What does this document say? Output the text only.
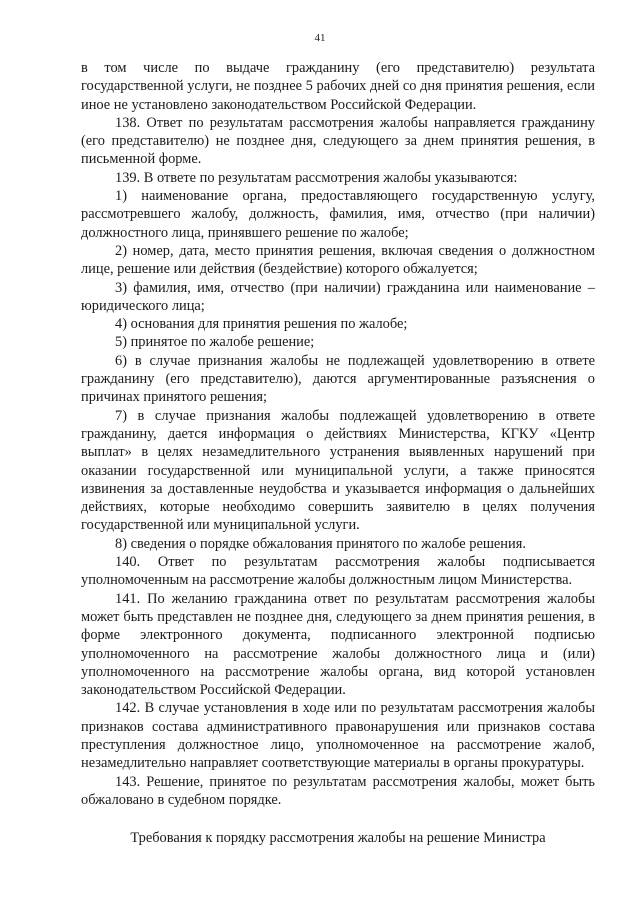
41

в том числе по выдаче гражданину (его представителю) результата государственной услуги, не позднее 5 рабочих дней со дня принятия решения, если иное не установлено законодательством Российской Федерации.

138. Ответ по результатам рассмотрения жалобы направляется гражданину (его представителю) не позднее дня, следующего за днем принятия решения, в письменной форме.

139. В ответе по результатам рассмотрения жалобы указываются:

1) наименование органа, предоставляющего государственную услугу, рассмотревшего жалобу, должность, фамилия, имя, отчество (при наличии) должностного лица, принявшего решение по жалобе;

2) номер, дата, место принятия решения, включая сведения о должностном лице, решение или действия (бездействие) которого обжалуется;

3) фамилия, имя, отчество (при наличии) гражданина или наименование – юридического лица;

4) основания для принятия решения по жалобе;

5) принятое по жалобе решение;

6) в случае признания жалобы не подлежащей удовлетворению в ответе гражданину (его представителю), даются аргументированные разъяснения о причинах принятого решения;

7) в случае признания жалобы подлежащей удовлетворению в ответе гражданину, дается информация о действиях Министерства, КГКУ «Центр выплат» в целях незамедлительного устранения выявленных нарушений при оказании государственной или муниципальной услуги, а также приносятся извинения за доставленные неудобства и указывается информация о дальнейших действиях, которые необходимо совершить заявителю в целях получения государственной или муниципальной услуги.

8) сведения о порядке обжалования принятого по жалобе решения.

140. Ответ по результатам рассмотрения жалобы подписывается уполномоченным на рассмотрение жалобы должностным лицом Министерства.

141. По желанию гражданина ответ по результатам рассмотрения жалобы может быть представлен не позднее дня, следующего за днем принятия решения, в форме электронного документа, подписанного электронной подписью уполномоченного на рассмотрение жалобы должностного лица и (или) уполномоченного на рассмотрение жалобы органа, вид которой установлен законодательством Российской Федерации.

142. В случае установления в ходе или по результатам рассмотрения жалобы признаков состава административного правонарушения или признаков состава преступления должностное лицо, уполномоченное на рассмотрение жалоб, незамедлительно направляет соответствующие материалы в органы прокуратуры.

143. Решение, принятое по результатам рассмотрения жалобы, может быть обжаловано в судебном порядке.

Требования к порядку рассмотрения жалобы на решение Министра
